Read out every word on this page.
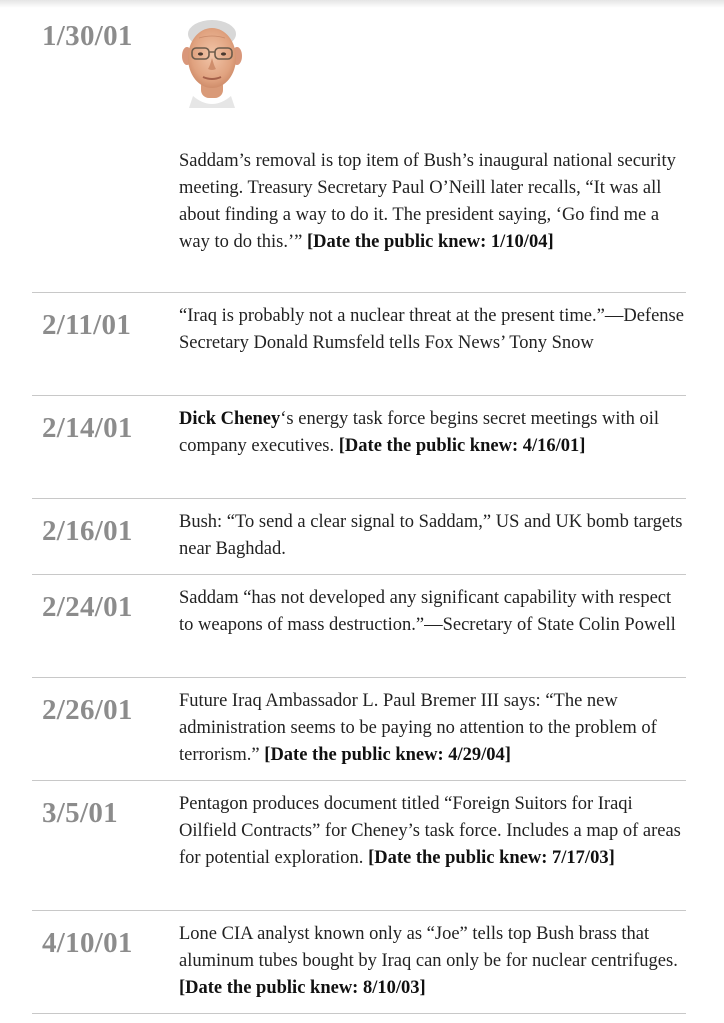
1/30/01
Saddam’s removal is top item of Bush’s inaugural national security meeting. Treasury Secretary Paul O’Neill later recalls, “It was all about finding a way to do it. The president saying, ‘Go find me a way to do this.’” [Date the public knew: 1/10/04]
2/11/01	“Iraq is probably not a nuclear threat at the present time.”—Defense Secretary Donald Rumsfeld tells Fox News’ Tony Snow
2/14/01	Dick Cheney‘s energy task force begins secret meetings with oil company executives. [Date the public knew: 4/16/01]
2/16/01	Bush: “To send a clear signal to Saddam,” US and UK bomb targets near Baghdad.
2/24/01	Saddam “has not developed any significant capability with respect to weapons of mass destruction.”—Secretary of State Colin Powell
2/26/01	Future Iraq Ambassador L. Paul Bremer III says: “The new administration seems to be paying no attention to the problem of terrorism.” [Date the public knew: 4/29/04]
3/5/01	Pentagon produces document titled “Foreign Suitors for Iraqi Oilfield Contracts” for Cheney’s task force. Includes a map of areas for potential exploration. [Date the public knew: 7/17/03]
4/10/01	Lone CIA analyst known only as “Joe” tells top Bush brass that aluminum tubes bought by Iraq can only be for nuclear centrifuges. [Date the public knew: 8/10/03]
